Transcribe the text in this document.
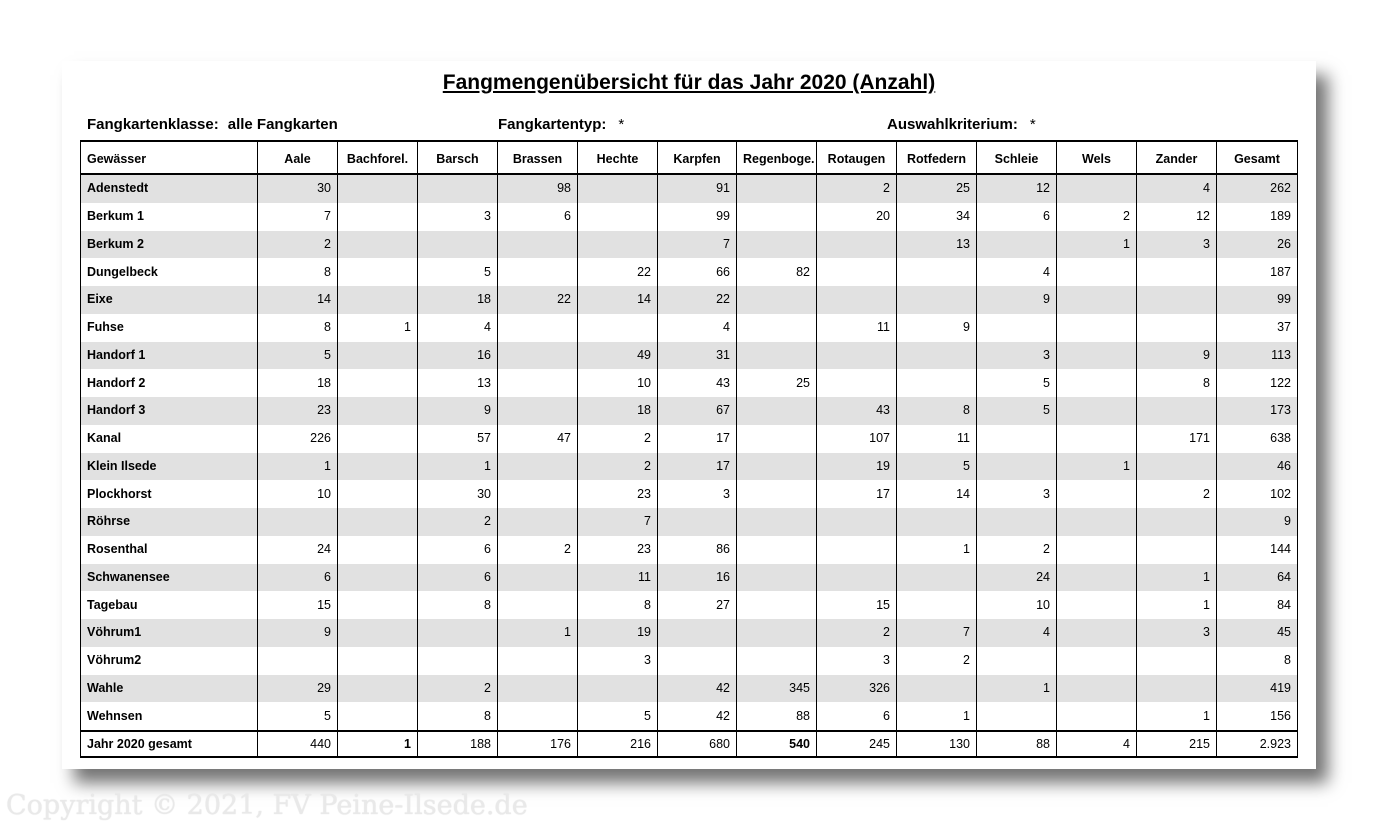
Fangmengenübersicht für das Jahr 2020 (Anzahl)
Fangkartenklasse: alle Fangkarten	Fangkartentyp: *	Auswahlkriterium: *
Gewässer	Aale	Bachforel.	Barsch	Brassen	Hechte	Karpfen	Regenboge.	Rotaugen	Rotfedern	Schleie	Wels	Zander	Gesamt
Adenstedt	30			98		91		2	25	12		4	262
Berkum 1	7		3	6		99		20	34	6	2	12	189
Berkum 2	2					7			13		1	3	26
Dungelbeck	8		5		22	66	82			4			187
Eixe	14		18	22	14	22				9			99
Fuhse	8	1	4			4		11	9				37
Handorf 1	5		16		49	31				3		9	113
Handorf 2	18		13		10	43	25			5		8	122
Handorf 3	23		9		18	67		43	8	5			173
Kanal	226		57	47	2	17		107	11			171	638
Klein Ilsede	1		1		2	17		19	5		1		46
Plockhorst	10		30		23	3		17	14	3		2	102
Röhrse			2		7								9
Rosenthal	24		6	2	23	86			1	2			144
Schwanensee	6		6		11	16				24		1	64
Tagebau	15		8		8	27		15		10		1	84
Vöhrum1	9			1	19			2	7	4		3	45
Vöhrum2					3			3	2				8
Wahle	29		2			42	345	326		1			419
Wehnsen	5		8		5	42	88	6	1			1	156
Jahr 2020 gesamt	440	1	188	176	216	680	540	245	130	88	4	215	2.923
Copyright © 2021, FV Peine-Ilsede.de
